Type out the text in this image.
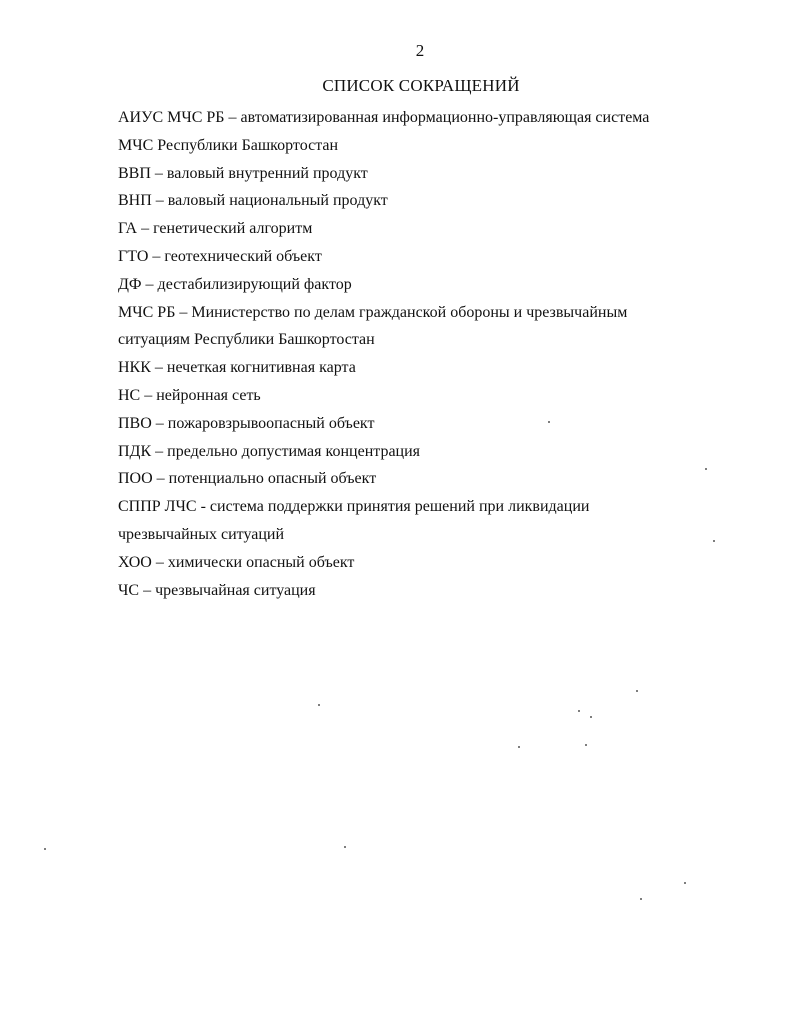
2
СПИСОК СОКРАЩЕНИЙ
АИУС МЧС РБ – автоматизированная информационно-управляющая система
МЧС Республики Башкортостан
ВВП – валовый внутренний продукт
ВНП – валовый национальный продукт
ГА – генетический алгоритм
ГТО – геотехнический объект
ДФ – дестабилизирующий фактор
МЧС РБ – Министерство по делам гражданской обороны и чрезвычайным
ситуациям Республики Башкортостан
НКК – нечеткая когнитивная карта
НС – нейронная сеть
ПВО – пожаровзрывоопасный объект
ПДК – предельно допустимая концентрация
ПОО – потенциально опасный объект
СППР ЛЧС - система поддержки принятия решений при ликвидации
чрезвычайных ситуаций
ХОО – химически опасный объект
ЧС – чрезвычайная ситуация
